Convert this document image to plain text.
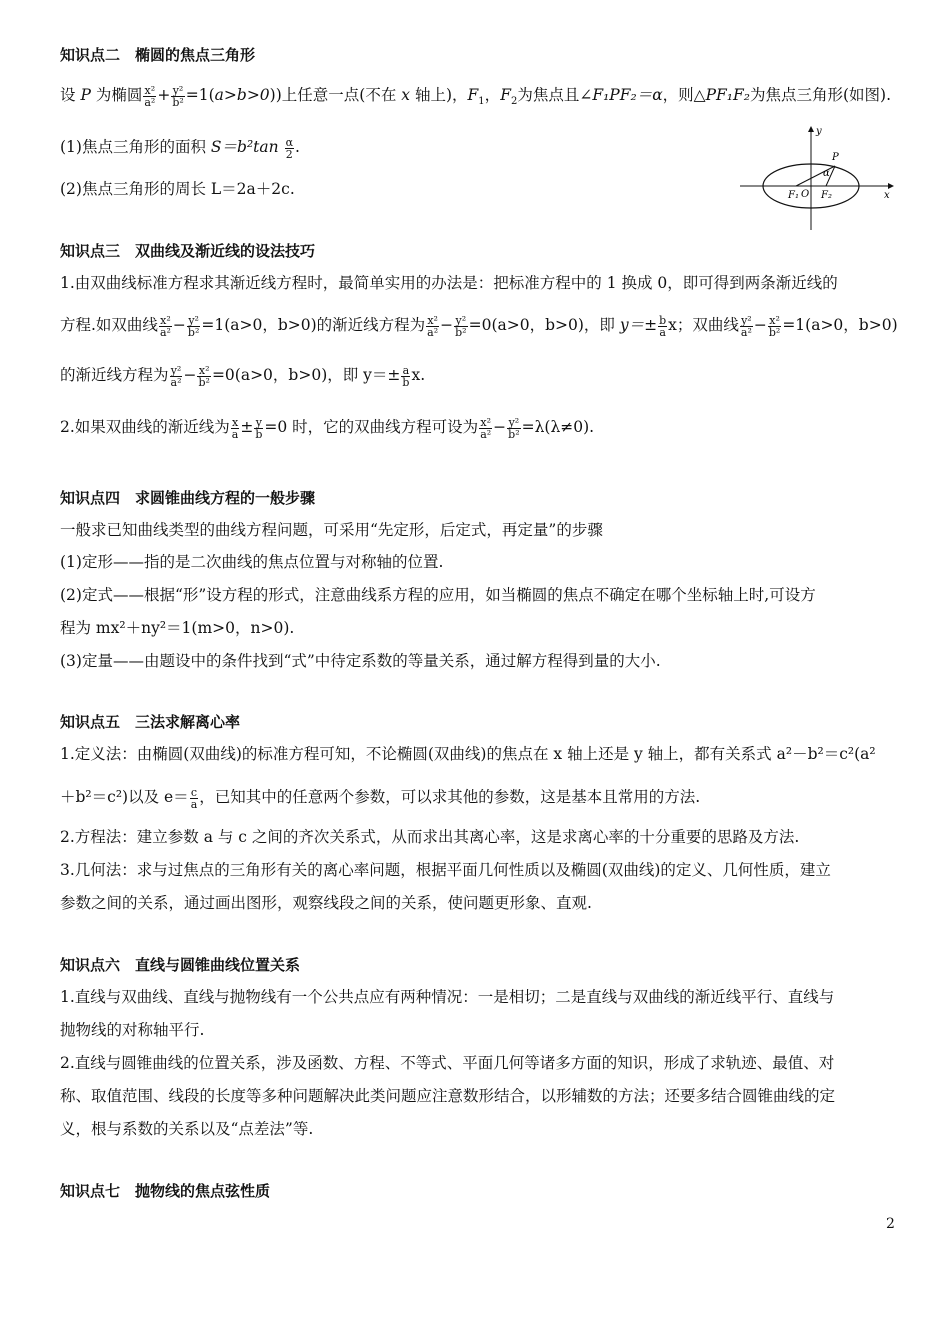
知识点二　椭圆的焦点三角形
设 P 为椭圆 $\frac{\text{x²}}{\text{a²}} + \frac{\text{y²}}{\text{b²}} =1(a>b>0)$)上任意一点(不在 x 轴上)，$F_1$，$F_2$为焦点且∠F₁PF₂＝α，则△PF₁F₂为焦点三角形(如图).
(1)焦点三角形的面积 $S=b^2\tan \frac{\alpha}{2}$ .
(2)焦点三角形的周长 L＝2a＋2c.
y
x
P
α
F₁ O F₂
知识点三　双曲线及渐近线的设法技巧
1.由双曲线标准方程求其渐近线方程时，最简单实用的办法是：把标准方程中的 1 换成 0，即可得到两条渐近线的
方程.如双曲线 $\frac{\text{x²}}{\text{a²}} - \frac{\text{y²}}{\text{b²}} =1(a>0$，b>0)的渐近线方程为 $\frac{\text{x²}}{\text{a²}} - \frac{\text{y²}}{\text{b²}} =0(a>0$，b>0)，即 $y=\pm \frac{b}{a}$ x；双曲线 $\frac{\text{y²}}{\text{a²}} - \frac{\text{x²}}{\text{b²}} =1(a>0$，b>0)
的渐近线方程为 $\frac{\text{y²}}{\text{a²}} - \frac{\text{x²}}{\text{b²}} =0(a>0$，b>0)，即 $y=\pm \frac{a}{b} x$.
2.如果双曲线的渐近线为 $\frac{x}{a} \pm \frac{y}{b} =0$ 时，它的双曲线方程可设为 $\frac{\text{x²}}{\text{a²}} - \frac{\text{y²}}{\text{b²}} =\lambda(\lambda\ne 0)$.
知识点四　求圆锥曲线方程的一般步骤
一般求已知曲线类型的曲线方程问题，可采用“先定形，后定式，再定量”的步骤
(1)定形——指的是二次曲线的焦点位置与对称轴的位置.
(2)定式——根据“形”设方程的形式，注意曲线系方程的应用，如当椭圆的焦点不确定在哪个坐标轴上时,可设方
程为 mx²＋ny²＝1(m>0，n>0).
(3)定量——由题设中的条件找到“式”中待定系数的等量关系，通过解方程得到量的大小.
知识点五　三法求解离心率
1.定义法：由椭圆(双曲线)的标准方程可知，不论椭圆(双曲线)的焦点在 x 轴上还是 y 轴上，都有关系式 a²－b²＝c²(a²
＋b²＝c²)以及 $e= \frac{c}{a}$ ，已知其中的任意两个参数，可以求其他的参数，这是基本且常用的方法.
2.方程法：建立参数 a 与 c 之间的齐次关系式，从而求出其离心率，这是求离心率的十分重要的思路及方法.
3.几何法：求与过焦点的三角形有关的离心率问题，根据平面几何性质以及椭圆(双曲线)的定义、几何性质，建立
参数之间的关系，通过画出图形，观察线段之间的关系，使问题更形象、直观.
知识点六　直线与圆锥曲线位置关系
1.直线与双曲线、直线与抛物线有一个公共点应有两种情况：一是相切；二是直线与双曲线的渐近线平行、直线与
抛物线的对称轴平行.
2.直线与圆锥曲线的位置关系，涉及函数、方程、不等式、平面几何等诸多方面的知识，形成了求轨迹、最值、对
称、取值范围、线段的长度等多种问题解决此类问题应注意数形结合，以形辅数的方法；还要多结合圆锥曲线的定
义，根与系数的关系以及“点差法”等.
知识点七　抛物线的焦点弦性质
2
